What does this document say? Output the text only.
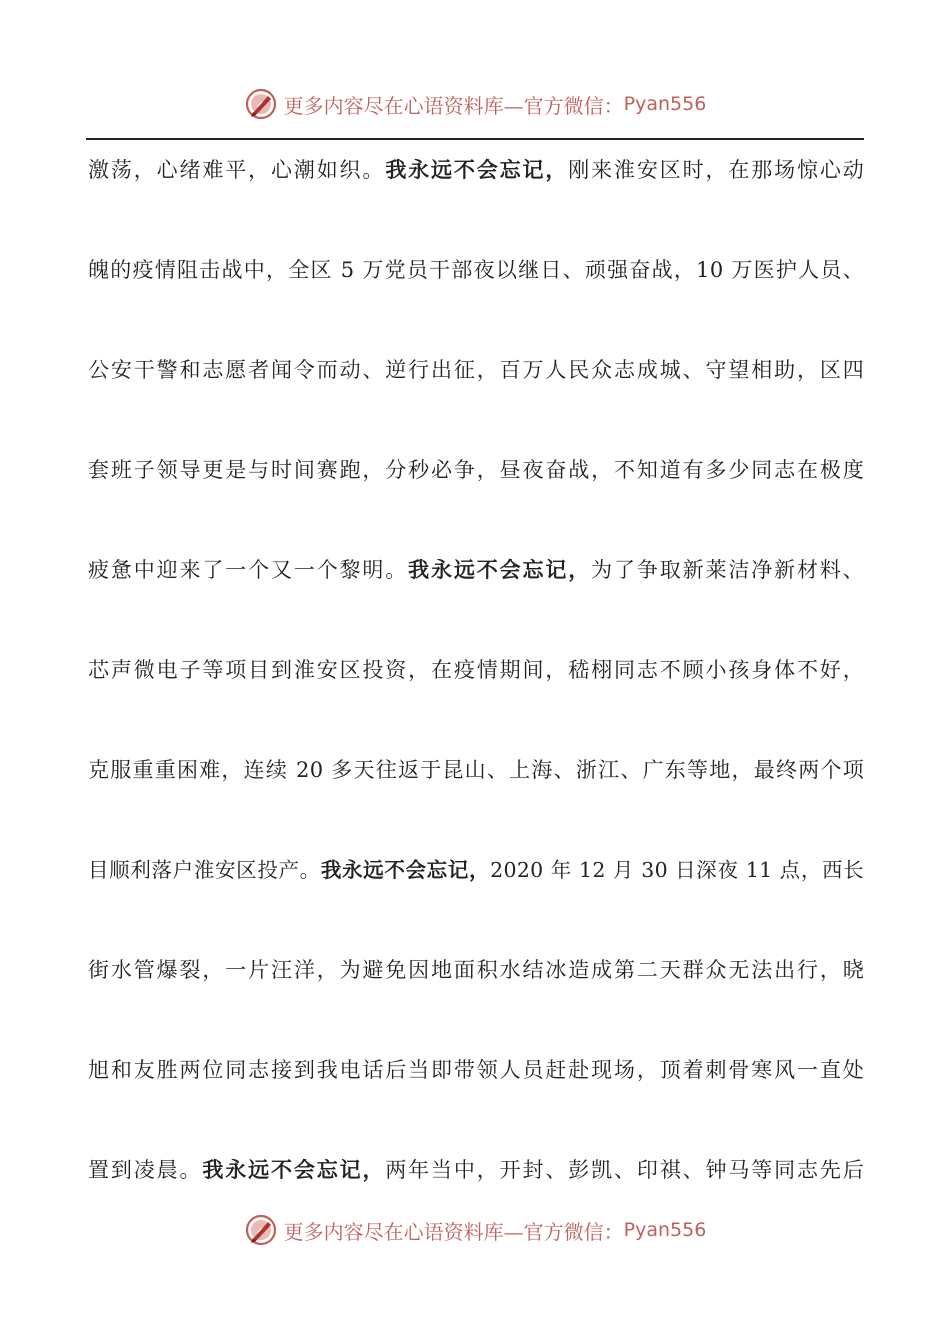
更多内容尽在心语资料库—官方微信： Pyan556
激荡，心绪难平，心潮如织。我永远不会忘记，刚来淮安区时，在那场惊心动
魄的疫情阻击战中，全区 5 万党员干部夜以继日、顽强奋战，10 万医护人员、
公安干警和志愿者闻令而动、逆行出征，百万人民众志成城、守望相助，区四
套班子领导更是与时间赛跑，分秒必争，昼夜奋战，不知道有多少同志在极度
疲惫中迎来了一个又一个黎明。我永远不会忘记，为了争取新莱洁净新材料、
芯声微电子等项目到淮安区投资，在疫情期间，嵇栩同志不顾小孩身体不好，
克服重重困难，连续 20 多天往返于昆山、上海、浙江、广东等地，最终两个项
目顺利落户淮安区投产。我永远不会忘记，2020 年 12 月 30 日深夜 11 点，西长
街水管爆裂，一片汪洋，为避免因地面积水结冰造成第二天群众无法出行，晓
旭和友胜两位同志接到我电话后当即带领人员赶赴现场，顶着刺骨寒风一直处
置到凌晨。我永远不会忘记，两年当中，开封、彭凯、印祺、钟马等同志先后
更多内容尽在心语资料库—官方微信： Pyan556
